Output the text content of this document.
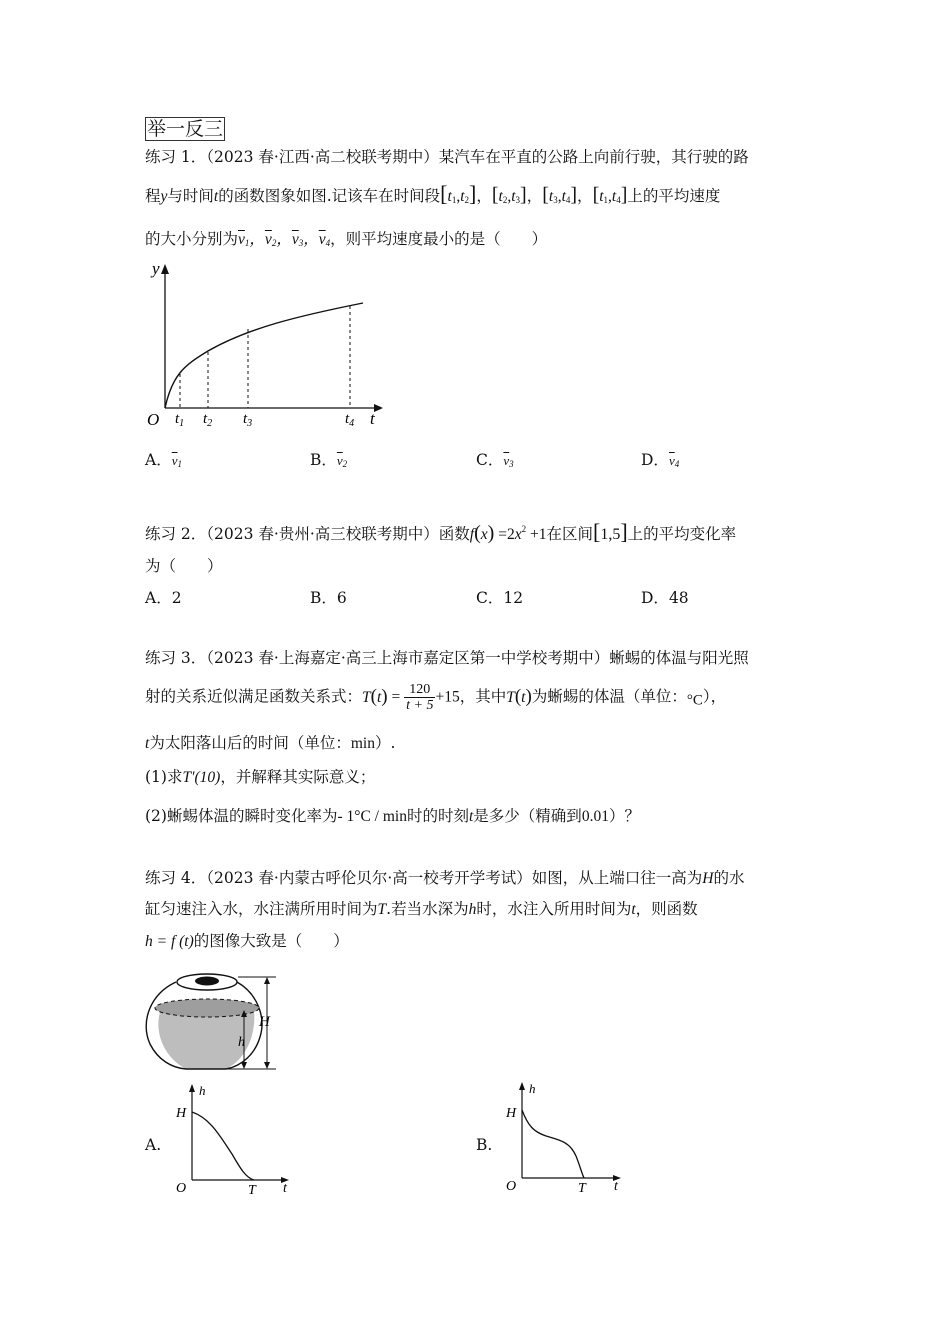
举一反三
练习 1．（2023 春·江西·高二校联考期中）某汽车在平直的公路上向前行驶，其行驶的路
程y与时间t的函数图象如图.记该车在时间段$[t_1,t_2]$，$[t_2,t_3]$，$[t_3,t_4]$，$[t_1,t_4]$上的平均速度
的大小分别为$\overline{v}_1$，$\overline{v}_2$，$\overline{v}_3$，$\overline{v}_4$，则平均速度最小的是（　　）
y
t
O $t_1$ $t_2$ $t_3$	$t_4$
A．$\overline{v}_1$	B．$\overline{v}_2$	C．$\overline{v}_3$	D．$\overline{v}_4$
练习 2．（2023 春·贵州·高三校联考期中）函数$f(x) =2x^2 +1$在区间[1,5]上的平均变化率
为（　　）
A．2	B．6	C．12	D．48
练习 3．（2023 春·上海嘉定·高三上海市嘉定区第一中学校考期中）蜥蜴的体温与阳光照
射的关系近似满足函数关系式：$T(t) = \frac{120}{t + 5} +15$，其中T(t)为蜥蜴的体温（单位：°C），
t为太阳落山后的时间（单位：min）.
(1)求T′(10)，并解释其实际意义；
(2)蜥蜴体温的瞬时变化率为- 1°C / min时的时刻t是多少（精确到0.01）？
练习 4．（2023 春·内蒙古呼伦贝尔·高一校考开学考试）如图，从上端口往一高为H的水
缸匀速注入水，水注满所用时间为T.若当水深为h时，水注入所用时间为t，则函数
h = f (t)的图像大致是（　　）
H
h
A.
h
H
O	T t
B.
h
H
O	T t
